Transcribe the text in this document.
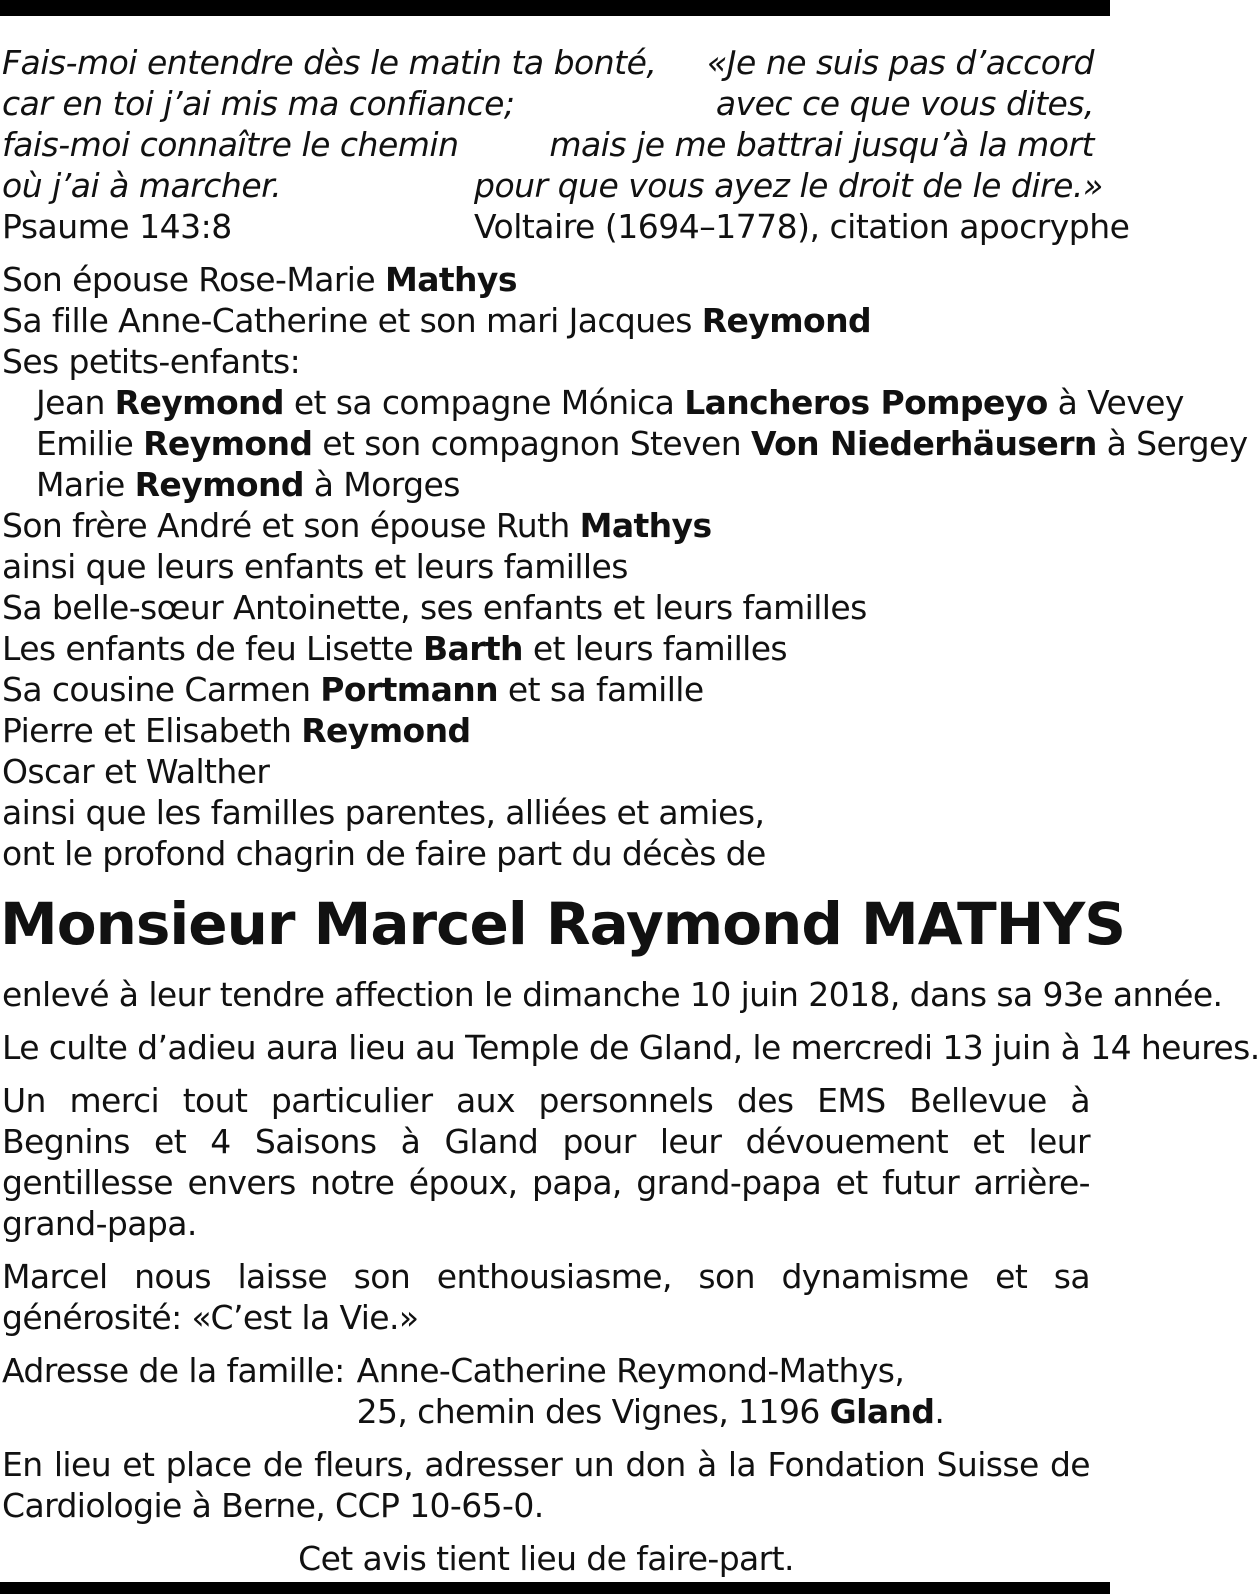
Fais-moi entendre dès le matin ta bonté,
car en toi j’ai mis ma confiance;
fais-moi connaître le chemin
où j’ai à marcher.
Psaume 143:8
«Je ne suis pas d’accord
avec ce que vous dites,
mais je me battrai jusqu’à la mort
pour que vous ayez le droit de le dire.»
Voltaire (1694–1778), citation apocryphe
Son épouse Rose-Marie Mathys
Sa fille Anne-Catherine et son mari Jacques Reymond
Ses petits-enfants:
Jean Reymond et sa compagne Mónica Lancheros Pompeyo à Vevey
Emilie Reymond et son compagnon Steven Von Niederhäusern à Sergey
Marie Reymond à Morges
Son frère André et son épouse Ruth Mathys
ainsi que leurs enfants et leurs familles
Sa belle-sœur Antoinette, ses enfants et leurs familles
Les enfants de feu Lisette Barth et leurs familles
Sa cousine Carmen Portmann et sa famille
Pierre et Elisabeth Reymond
Oscar et Walther
ainsi que les familles parentes, alliées et amies,
ont le profond chagrin de faire part du décès de
Monsieur Marcel Raymond MATHYS

enlevé à leur tendre affection le dimanche 10 juin 2018, dans sa 93e année.

Le culte d’adieu aura lieu au Temple de Gland, le mercredi 13 juin à 14 heures.

Un merci tout particulier aux personnels des EMS Bellevue à Begnins et 4 Saisons à Gland pour leur dévouement et leur gentillesse envers notre époux, papa, grand-papa et futur arrière-grand-papa.

Marcel nous laisse son enthousiasme, son dynamisme et sa générosité: «C’est la Vie.»

Adresse de la famille:	Anne-Catherine Reymond-Mathys,
	25, chemin des Vignes, 1196 Gland.

En lieu et place de fleurs, adresser un don à la Fondation Suisse de Cardiologie à Berne, CCP 10-65-0.

Cet avis tient lieu de faire-part.
